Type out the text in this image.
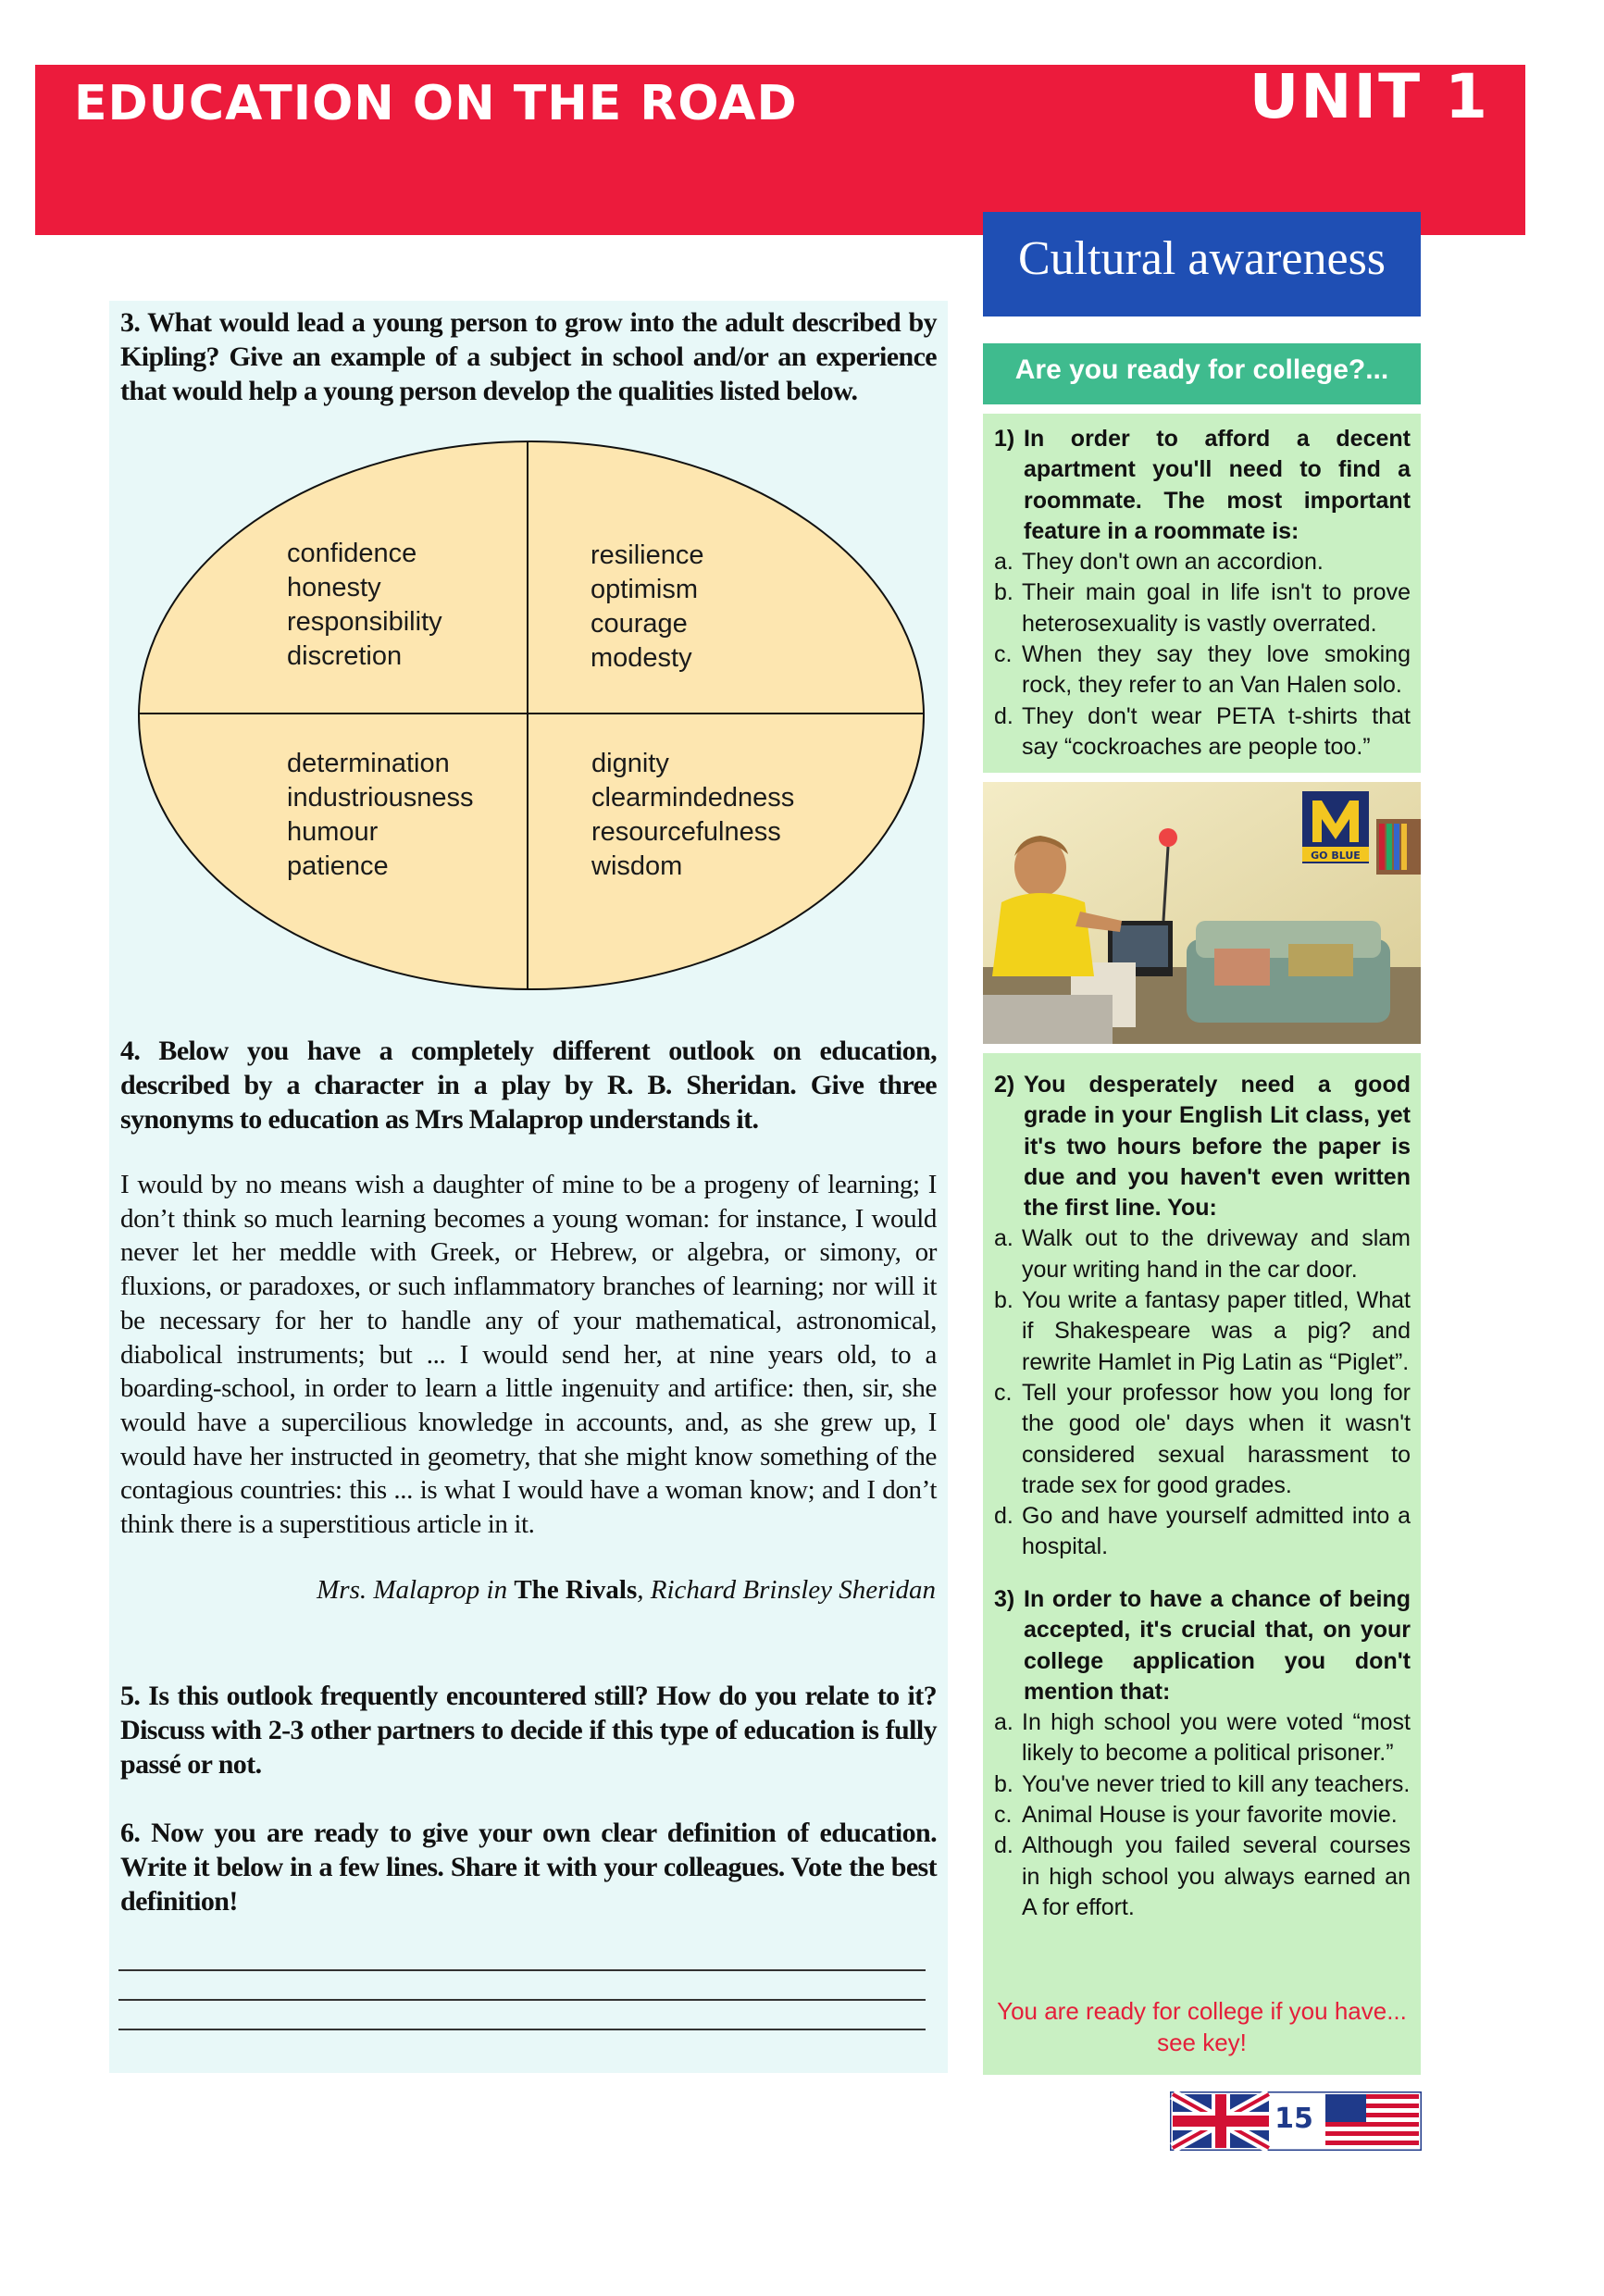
EDUCATION ON THE ROAD	UNIT 1
3. What would lead a young person to grow into the adult described by Kipling? Give an example of a subject in school and/or an experience that would help a young person develop the qualities listed below.
confidence
honesty
responsibility
discretion
resilience
optimism
courage
modesty
determination
industriousness
humour
patience
dignity
clearmindedness
resourcefulness
wisdom
4. Below you have a completely different outlook on education, described by a character in a play by R. B. Sheridan. Give three synonyms to education as Mrs Malaprop understands it.
I would by no means wish a daughter of mine to be a progeny of learning; I don’t think so much learning becomes a young woman: for instance, I would never let her meddle with Greek, or Hebrew, or algebra, or simony, or fluxions, or paradoxes, or such inflammatory branches of learning; nor will it be necessary for her to handle any of your mathematical, astronomical, diabolical instruments; but ... I would send her, at nine years old, to a boarding-school, in order to learn a little ingenuity and artifice: then, sir, she would have a supercilious knowledge in accounts, and, as she grew up, I would have her instructed in geometry, that she might know something of the contagious countries: this ... is what I would have a woman know; and I don’t think there is a superstitious article in it.
Mrs. Malaprop in The Rivals, Richard Brinsley Sheridan
5. Is this outlook frequently encountered still? How do you relate to it? Discuss with 2-3 other partners to decide if this type of education is fully passé or not.
6. Now you are ready to give your own clear definition of education. Write it below in a few lines. Share it with your colleagues. Vote the best definition!
Cultural awareness
Are you ready for college?...
1) In order to afford a decent apartment you'll need to find a roommate. The most important feature in a roommate is:
a. They don't own an accordion.
b. Their main goal in life isn't to prove heterosexuality is vastly overrated.
c. When they say they love smoking rock, they refer to an Van Halen solo.
d. They don't wear PETA t-shirts that say “cockroaches are people too.”
GO BLUE
2) You desperately need a good grade in your English Lit class, yet it's two hours before the paper is due and you haven't even written the first line. You:
a. Walk out to the driveway and slam your writing hand in the car door.
b. You write a fantasy paper titled, What if Shakespeare was a pig? and rewrite Hamlet in Pig Latin as “Piglet”.
c. Tell your professor how you long for the good ole' days when it wasn't considered sexual harassment to trade sex for good grades.
d. Go and have yourself admitted into a hospital.
3) In order to have a chance of being accepted, it's crucial that, on your college application you don't mention that:
a. In high school you were voted “most likely to become a political prisoner.”
b. You've never tried to kill any teachers.
c. Animal House is your favorite movie.
d. Although you failed several courses in high school you always earned an A for effort.
You are ready for college if you have... see key!
15
